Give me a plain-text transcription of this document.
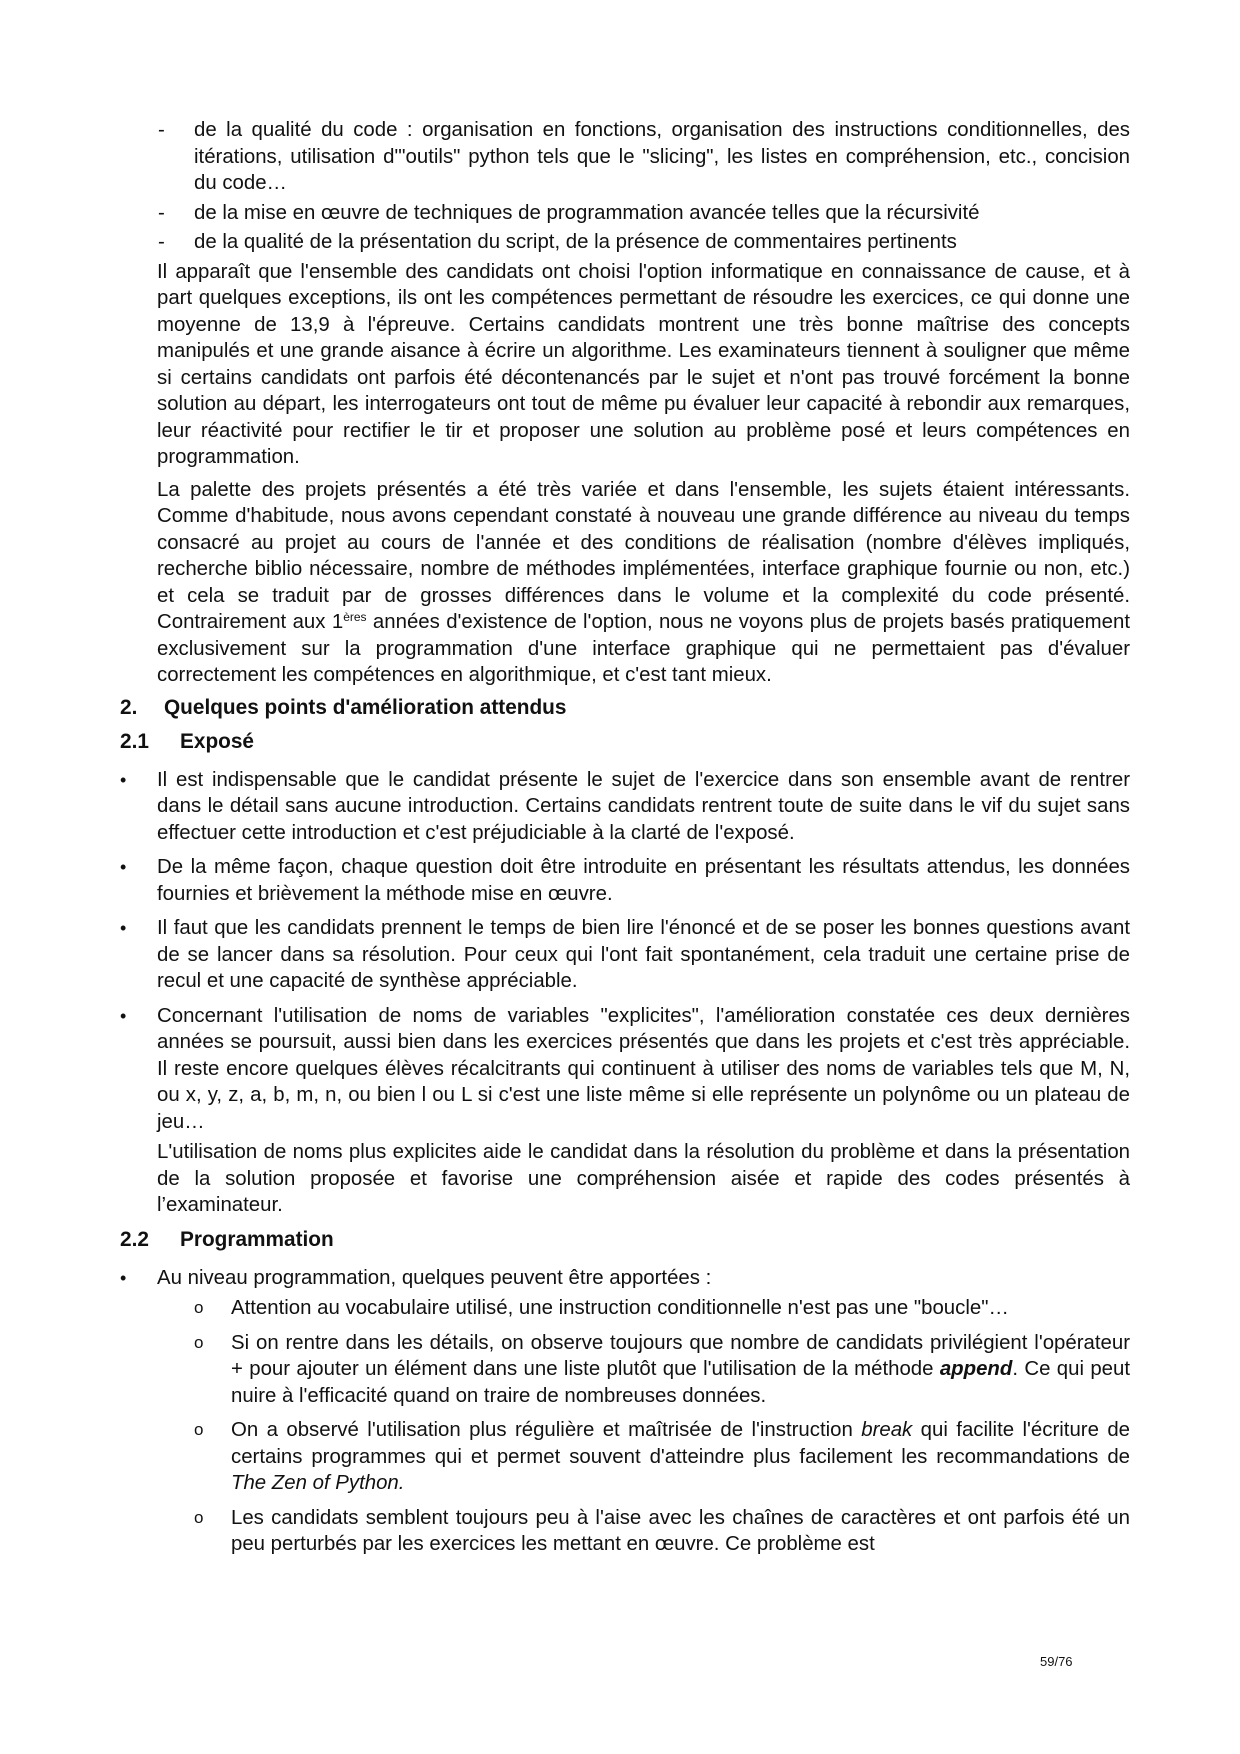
- de la qualité du code : organisation en fonctions, organisation des instructions conditionnelles, des itérations, utilisation d'"outils" python tels que le "slicing", les listes en compréhension, etc., concision du code…

- de la mise en œuvre de techniques de programmation avancée telles que la récursivité

- de la qualité de la présentation du script, de la présence de commentaires pertinents

Il apparaît que l'ensemble des candidats ont choisi l'option informatique en connaissance de cause, et à part quelques exceptions, ils ont les compétences permettant de résoudre les exercices, ce qui donne une moyenne de 13,9 à l'épreuve. Certains candidats montrent une très bonne maîtrise des concepts manipulés et une grande aisance à écrire un algorithme. Les examinateurs tiennent à souligner que même si certains candidats ont parfois été décontenancés par le sujet et n'ont pas trouvé forcément la bonne solution au départ, les interrogateurs ont tout de même pu évaluer leur capacité à rebondir aux remarques, leur réactivité pour rectifier le tir et proposer une solution au problème posé et leurs compétences en programmation.

La palette des projets présentés a été très variée et dans l'ensemble, les sujets étaient intéressants. Comme d'habitude, nous avons cependant constaté à nouveau une grande différence au niveau du temps consacré au projet au cours de l'année et des conditions de réalisation (nombre d'élèves impliqués, recherche biblio nécessaire, nombre de méthodes implémentées, interface graphique fournie ou non, etc.) et cela se traduit par de grosses différences dans le volume et la complexité du code présenté. Contrairement aux 1ères années d'existence de l'option, nous ne voyons plus de projets basés pratiquement exclusivement sur la programmation d'une interface graphique qui ne permettaient pas d'évaluer correctement les compétences en algorithmique, et c'est tant mieux.

2. Quelques points d'amélioration attendus
2.1 Exposé

• Il est indispensable que le candidat présente le sujet de l'exercice dans son ensemble avant de rentrer dans le détail sans aucune introduction. Certains candidats rentrent toute de suite dans le vif du sujet sans effectuer cette introduction et c'est préjudiciable à la clarté de l'exposé.

• De la même façon, chaque question doit être introduite en présentant les résultats attendus, les données fournies et brièvement la méthode mise en œuvre.

• Il faut que les candidats prennent le temps de bien lire l'énoncé et de se poser les bonnes questions avant de se lancer dans sa résolution. Pour ceux qui l'ont fait spontanément, cela traduit une certaine prise de recul et une capacité de synthèse appréciable.

• Concernant l'utilisation de noms de variables "explicites", l'amélioration constatée ces deux dernières années se poursuit, aussi bien dans les exercices présentés que dans les projets et c'est très appréciable. Il reste encore quelques élèves récalcitrants qui continuent à utiliser des noms de variables tels que M, N, ou x, y, z, a, b, m, n, ou bien l ou L si c'est une liste même si elle représente un polynôme ou un plateau de jeu…

L'utilisation de noms plus explicites aide le candidat dans la résolution du problème et dans la présentation de la solution proposée et favorise une compréhension aisée et rapide des codes présentés à l’examinateur.

2.2 Programmation

• Au niveau programmation, quelques peuvent être apportées :

o Attention au vocabulaire utilisé, une instruction conditionnelle n'est pas une "boucle"…

o Si on rentre dans les détails, on observe toujours que nombre de candidats privilégient l'opérateur + pour ajouter un élément dans une liste plutôt que l'utilisation de la méthode append. Ce qui peut nuire à l'efficacité quand on traire de nombreuses données.

o On a observé l'utilisation plus régulière et maîtrisée de l'instruction break qui facilite l'écriture de certains programmes qui et permet souvent d'atteindre plus facilement les recommandations de The Zen of Python.

o Les candidats semblent toujours peu à l'aise avec les chaînes de caractères et ont parfois été un peu perturbés par les exercices les mettant en œuvre. Ce problème est

59/76
